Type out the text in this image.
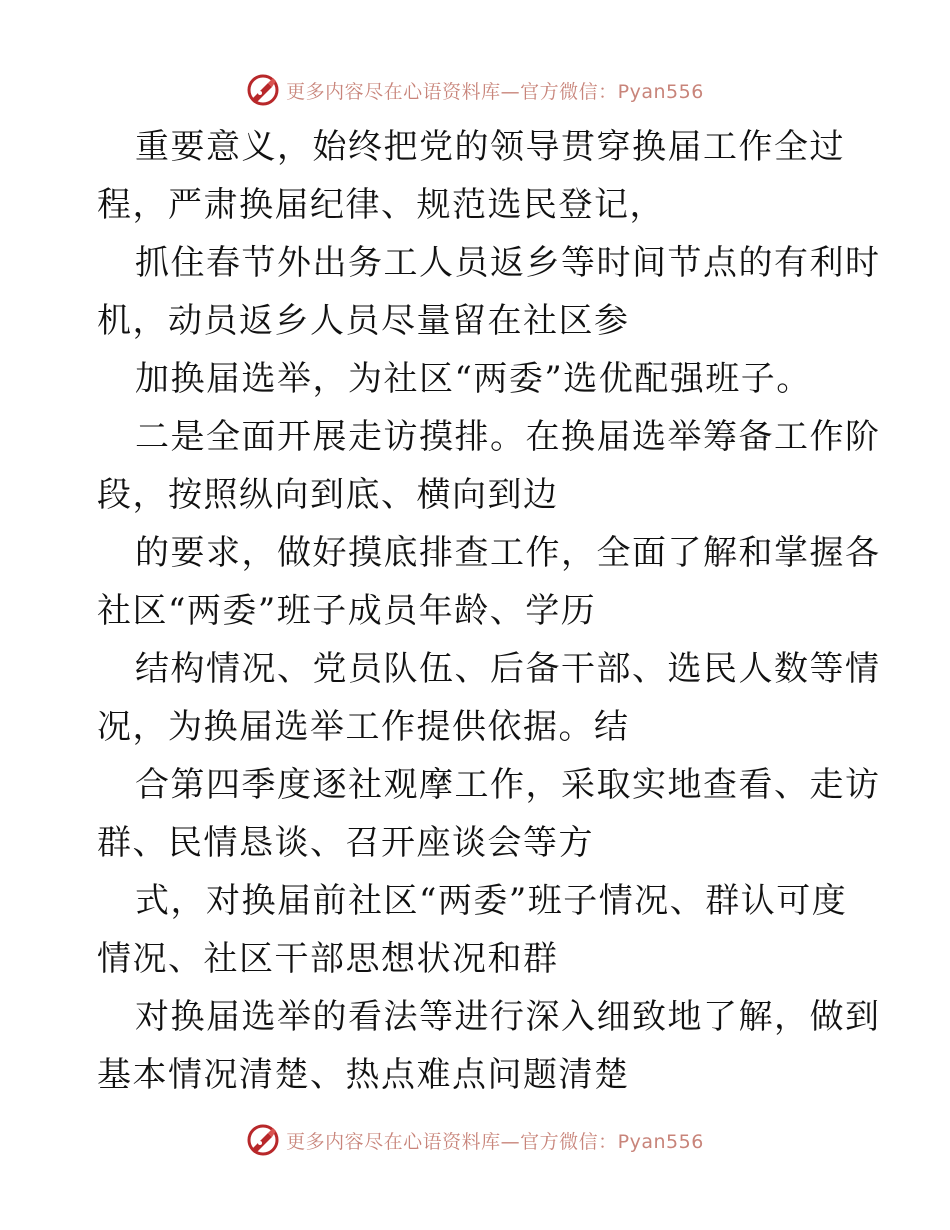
更多内容尽在心语资料库—官方微信：Pyan556
重要意义，始终把党的领导贯穿换届工作全过
程，严肃换届纪律、规范选民登记，
抓住春节外出务工人员返乡等时间节点的有利时
机，动员返乡人员尽量留在社区参
加换届选举，为社区“两委”选优配强班子。
二是全面开展走访摸排。在换届选举筹备工作阶
段，按照纵向到底、横向到边
的要求，做好摸底排查工作，全面了解和掌握各
社区“两委”班子成员年龄、学历
结构情况、党员队伍、后备干部、选民人数等情
况，为换届选举工作提供依据。结
合第四季度逐社观摩工作，采取实地查看、走访
群、民情恳谈、召开座谈会等方
式，对换届前社区“两委”班子情况、群认可度
情况、社区干部思想状况和群
对换届选举的看法等进行深入细致地了解，做到
基本情况清楚、热点难点问题清楚
更多内容尽在心语资料库—官方微信：Pyan556
